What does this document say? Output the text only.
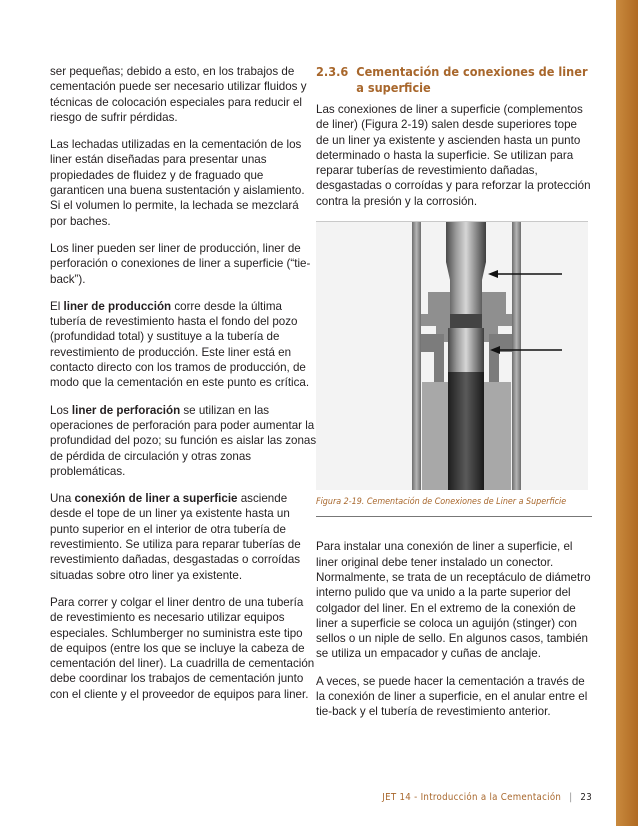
ser pequeñas; debido a esto, en los trabajos de cementación puede ser necesario utilizar fluidos y técnicas de colocación especiales para reducir el riesgo de sufrir pérdidas.

Las lechadas utilizadas en la cementación de los liner están diseñadas para presentar unas propiedades de fluidez y de fraguado que garanticen una buena sustentación y aislamiento. Si el volumen lo permite, la lechada se mezclará por baches.

Los liner pueden ser liner de producción, liner de perforación o conexiones de liner a superficie (“tie-back”).

El liner de producción corre desde la última tubería de revestimiento hasta el fondo del pozo (profundidad total) y sustituye a la tubería de revestimiento de producción. Este liner está en contacto directo con los tramos de producción, de modo que la cementación en este punto es crítica.

Los liner de perforación se utilizan en las operaciones de perforación para poder aumentar la profundidad del pozo; su función es aislar las zonas de pérdida de circulación y otras zonas problemáticas.

Una conexión de liner a superficie asciende desde el tope de un liner ya existente hasta un punto superior en el interior de otra tubería de revestimiento. Se utiliza para reparar tuberías de revestimiento dañadas, desgastadas o corroídas situadas sobre otro liner ya existente.

Para correr y colgar el liner dentro de una tubería de revestimiento es necesario utilizar equipos especiales. Schlumberger no suministra este tipo de equipos (entre los que se incluye la cabeza de cementación del liner). La cuadrilla de cementación debe coordinar los trabajos de cementación junto con el cliente y el proveedor de equipos para liner.

2.3.6 Cementación de conexiones de liner a superficie

Las conexiones de liner a superficie (complementos de liner) (Figura 2-19) salen desde superiores tope de un liner ya existente y ascienden hasta un punto determinado o hasta la superficie. Se utilizan para reparar tuberías de revestimiento dañadas, desgastadas o corroídas y para reforzar la protección contra la presión y la corrosión.

Figura 2-19. Cementación de Conexiones de Liner a Superficie

Para instalar una conexión de liner a superficie, el liner original debe tener instalado un conector. Normalmente, se trata de un receptáculo de diámetro interno pulido que va unido a la parte superior del colgador del liner. En el extremo de la conexión de liner a superficie se coloca un aguijón (stinger) con sellos o un niple de sello. En algunos casos, también se utiliza un empacador y cuñas de anclaje.

A veces, se puede hacer la cementación a través de la conexión de liner a superficie, en el anular entre el tie-back y el tubería de revestimiento anterior.

JET 14 - Introducción a la Cementación | 23
